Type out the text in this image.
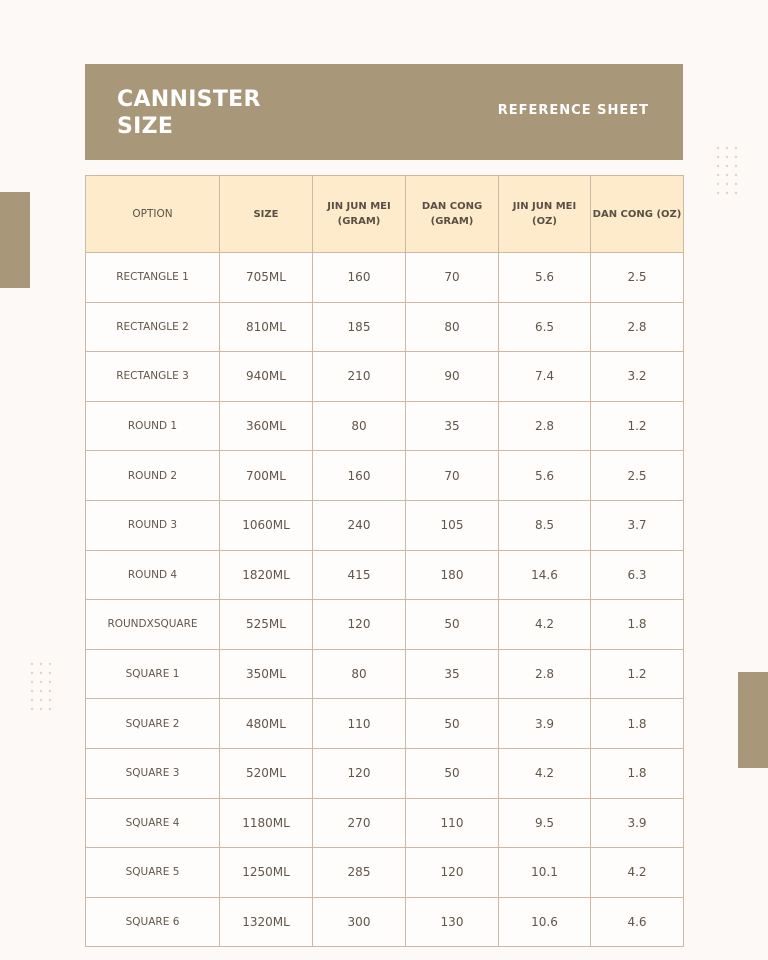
CANNISTER SIZE
REFERENCE SHEET
OPTION	SIZE	JIN JUN MEI (GRAM)	DAN CONG (GRAM)	JIN JUN MEI (OZ)	DAN CONG (OZ)
RECTANGLE 1	705ML	160	70	5.6	2.5
RECTANGLE 2	810ML	185	80	6.5	2.8
RECTANGLE 3	940ML	210	90	7.4	3.2
ROUND 1	360ML	80	35	2.8	1.2
ROUND 2	700ML	160	70	5.6	2.5
ROUND 3	1060ML	240	105	8.5	3.7
ROUND 4	1820ML	415	180	14.6	6.3
ROUNDXSQUARE	525ML	120	50	4.2	1.8
SQUARE 1	350ML	80	35	2.8	1.2
SQUARE 2	480ML	110	50	3.9	1.8
SQUARE 3	520ML	120	50	4.2	1.8
SQUARE 4	1180ML	270	110	9.5	3.9
SQUARE 5	1250ML	285	120	10.1	4.2
SQUARE 6	1320ML	300	130	10.6	4.6
